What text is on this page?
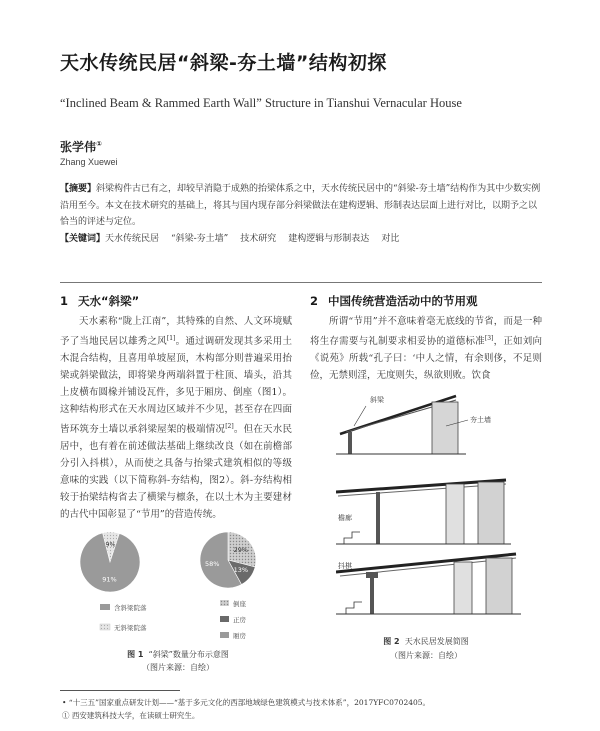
天水传统民居“斜梁-夯土墙”结构初探
“Inclined Beam & Rammed Earth Wall” Structure in Tianshui Vernacular House
张学伟①
Zhang Xuewei

【摘要】斜梁构件古已有之，却较早消隐于成熟的抬梁体系之中，天水传统民居中的“斜梁-夯土墙”结构作为其中少数实例沿用至今。本文在技术研究的基础上，将其与国内现存部分斜梁做法在建构逻辑、形制表达层面上进行对比，以期予之以恰当的评述与定位。

【关键词】天水传统民居 “斜梁-夯土墙” 技术研究 建构逻辑与形制表达 对比

1 天水“斜梁”

天水素称“陇上江南”，其特殊的自然、人文环境赋予了当地民居以雄秀之风[1]。通过调研发现其多采用土木混合结构，且喜用单坡屋顶，木构部分则普遍采用抬梁或斜梁做法，即将梁身两端斜置于柱顶、墙头，沿其上皮横布圆椽并铺设瓦件，多见于厢房、倒座（图1）。这种结构形式在天水周边区域并不少见，甚至存在四面皆环筑夯土墙以承斜梁屋架的极端情况[2]。但在天水民居中，也有着在前述做法基础上继续改良（如在前檐部分引入抖棋），从而使之具备与抬梁式建筑相似的等级意味的实践（以下简称斜-夯结构，图2）。斜-夯结构相较于抬梁结构省去了横梁与檩条，在以土木为主要建材的古代中国彰显了“节用”的营造传统。

9%
91%
29%
13%
58%
含斜梁院落
无斜梁院落
倒座
正房
厢房
图 1 “斜梁”数量分布示意图
（图片来源：自绘）
2 中国传统营造活动中的节用观

所谓“节用”并不意味着毫无底线的节省，而是一种将生存需要与礼制要求相妥协的道德标准[3]，正如刘向《说苑》所载“孔子曰：‘中人之情，有余则侈，不足则俭，无禁则淫，无度则失，纵欲则败。饮食

斜梁
夯土墙
檐廊
抖棋
图 2 天水民居发展简图
（图片来源：自绘）
• “十三五”国家重点研发计划——“基于多元文化的西部地域绿色建筑模式与技术体系”，2017YFC0702405。
① 西安建筑科技大学，在读硕士研究生。
